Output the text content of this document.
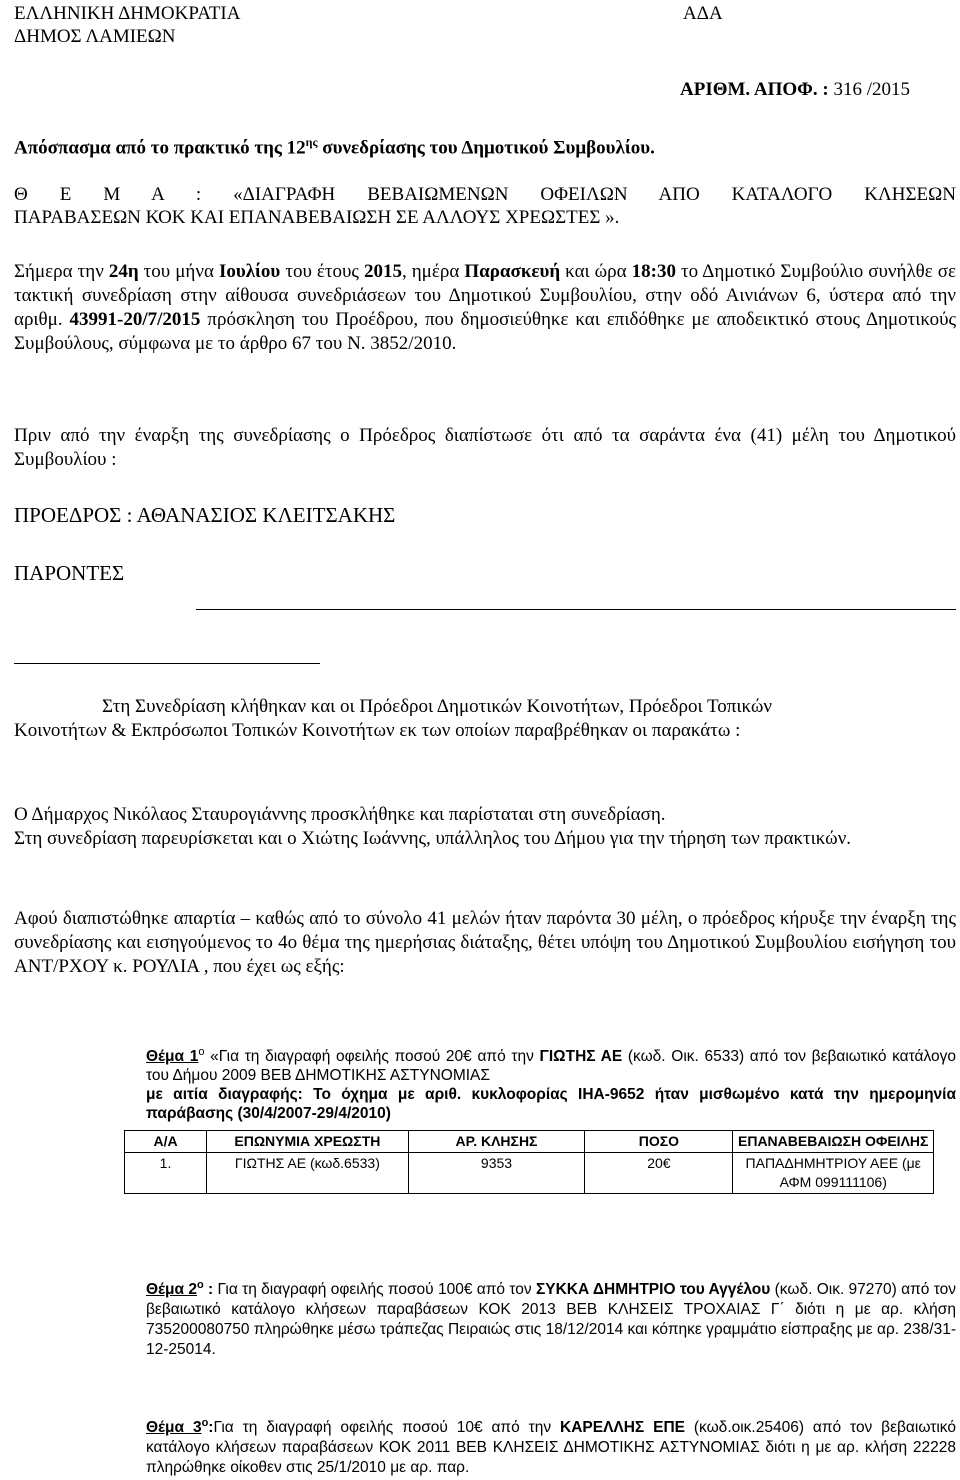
ΕΛΛΗΝΙΚΗ ΔΗΜΟΚΡΑΤΙΑ
ΔΗΜΟΣ ΛΑΜΙΕΩΝ
ΑΔΑ
ΑΡΙΘΜ. ΑΠΟΦ. : 316 /2015
Απόσπασμα από το πρακτικό της $12^{\eta\varsigma}$ συνεδρίασης του Δημοτικού Συμβουλίου.
Θ Ε Μ Α : «ΔΙΑΓΡΑΦΗ ΒΕΒΑΙΩΜΕΝΩΝ ΟΦΕΙΛΩΝ ΑΠΟ ΚΑΤΑΛΟΓΟ ΚΛΗΣΕΩΝ
ΠΑΡΑΒΑΣΕΩΝ ΚΟΚ ΚΑΙ ΕΠΑΝΑΒΕΒΑΙΩΣΗ ΣΕ ΑΛΛΟΥΣ ΧΡΕΩΣΤΕΣ ».
Σήμερα την 24η του μήνα Ιουλίου του έτους 2015, ημέρα Παρασκευή και ώρα 18:30 το Δημοτικό Συμβούλιο συνήλθε σε τακτική συνεδρίαση στην αίθουσα συνεδριάσεων του Δημοτικού Συμβουλίου, στην οδό Αινιάνων 6, ύστερα από την αριθμ. 43991-20/7/2015 πρόσκληση του Προέδρου, που δημοσιεύθηκε και επιδόθηκε με αποδεικτικό στους Δημοτικούς Συμβούλους, σύμφωνα με το άρθρο 67 του Ν. 3852/2010.
Πριν από την έναρξη της συνεδρίασης ο Πρόεδρος διαπίστωσε ότι από τα σαράντα ένα (41) μέλη του Δημοτικού Συμβουλίου :
ΠΡΟΕΔΡΟΣ : ΑΘΑΝΑΣΙΟΣ ΚΛΕΙΤΣΑΚΗΣ
ΠΑΡΟΝΤΕΣ
Στη Συνεδρίαση κλήθηκαν και οι Πρόεδροι Δημοτικών Κοινοτήτων, Πρόεδροι Τοπικών
Κοινοτήτων & Εκπρόσωποι Τοπικών Κοινοτήτων εκ των οποίων παραβρέθηκαν οι παρακάτω :
Ο Δήμαρχος Νικόλαος Σταυρογιάννης προσκλήθηκε και παρίσταται στη συνεδρίαση.
Στη συνεδρίαση παρευρίσκεται και ο Χιώτης Ιωάννης, υπάλληλος του Δήμου για την τήρηση των πρακτικών.
Αφού διαπιστώθηκε απαρτία – καθώς από το σύνολο 41 μελών ήταν παρόντα 30 μέλη, ο πρόεδρος κήρυξε την έναρξη της συνεδρίασης και εισηγούμενος το 4ο θέμα της ημερήσιας διάταξης, θέτει υπόψη του Δημοτικού Συμβουλίου εισήγηση του ΑΝΤ/ΡΧΟΥ κ. ΡΟΥΛΙΑ , που έχει ως εξής:
Θέμα $1^o$ «Για τη διαγραφή οφειλής ποσού 20€ από την ΓΙΩΤΗΣ ΑΕ (κωδ. Οικ. 6533) από τον βεβαιωτικό κατάλογο του Δήμου 2009 ΒΕΒ ΔΗΜΟΤΙΚΗΣ ΑΣΤΥΝΟΜΙΑΣ
με αιτία διαγραφής: Το όχημα με αριθ. κυκλοφορίας ΙΗΑ-9652 ήταν μισθωμένο κατά την ημερομηνία παράβασης (30/4/2007-29/4/2010)
Α/Α	ΕΠΩΝΥΜΙΑ ΧΡΕΩΣΤΗ	ΑΡ. ΚΛΗΣΗΣ	ΠΟΣΟ	ΕΠΑΝΑΒΕΒΑΙΩΣΗ ΟΦΕΙΛΗΣ
1.	ΓΙΩΤΗΣ ΑΕ (κωδ.6533)	9353	20€	ΠΑΠΑΔΗΜΗΤΡΙΟΥ ΑΕΕ (με ΑΦΜ 099111106)
Θέμα $2^o$ : Για τη διαγραφή οφειλής ποσού 100€ από τον ΣΥΚΚΑ ΔΗΜΗΤΡΙΟ του Αγγέλου (κωδ. Οικ. 97270) από τον βεβαιωτικό κατάλογο κλήσεων παραβάσεων ΚΟΚ 2013 ΒΕΒ ΚΛΗΣΕΙΣ ΤΡΟΧΑΙΑΣ Γ΄ διότι η με αρ. κλήση 735200080750 πληρώθηκε μέσω τράπεζας Πειραιώς στις 18/12/2014 και κόπηκε γραμμάτιο είσπραξης με αρ. 238/31-12-25014.
Θέμα $3^o:\Gamma\iota\alpha$ τη διαγραφή οφειλής ποσού 10€ από την ΚΑΡΕΛΛΗΣ ΕΠΕ (κωδ.οικ.25406) από τον βεβαιωτικό κατάλογο κλήσεων παραβάσεων ΚΟΚ 2011 ΒΕΒ ΚΛΗΣΕΙΣ ΔΗΜΟΤΙΚΗΣ ΑΣΤΥΝΟΜΙΑΣ διότι η με αρ. κλήση 22228 πληρώθηκε οίκοθεν στις 25/1/2010 με αρ. παρ.
